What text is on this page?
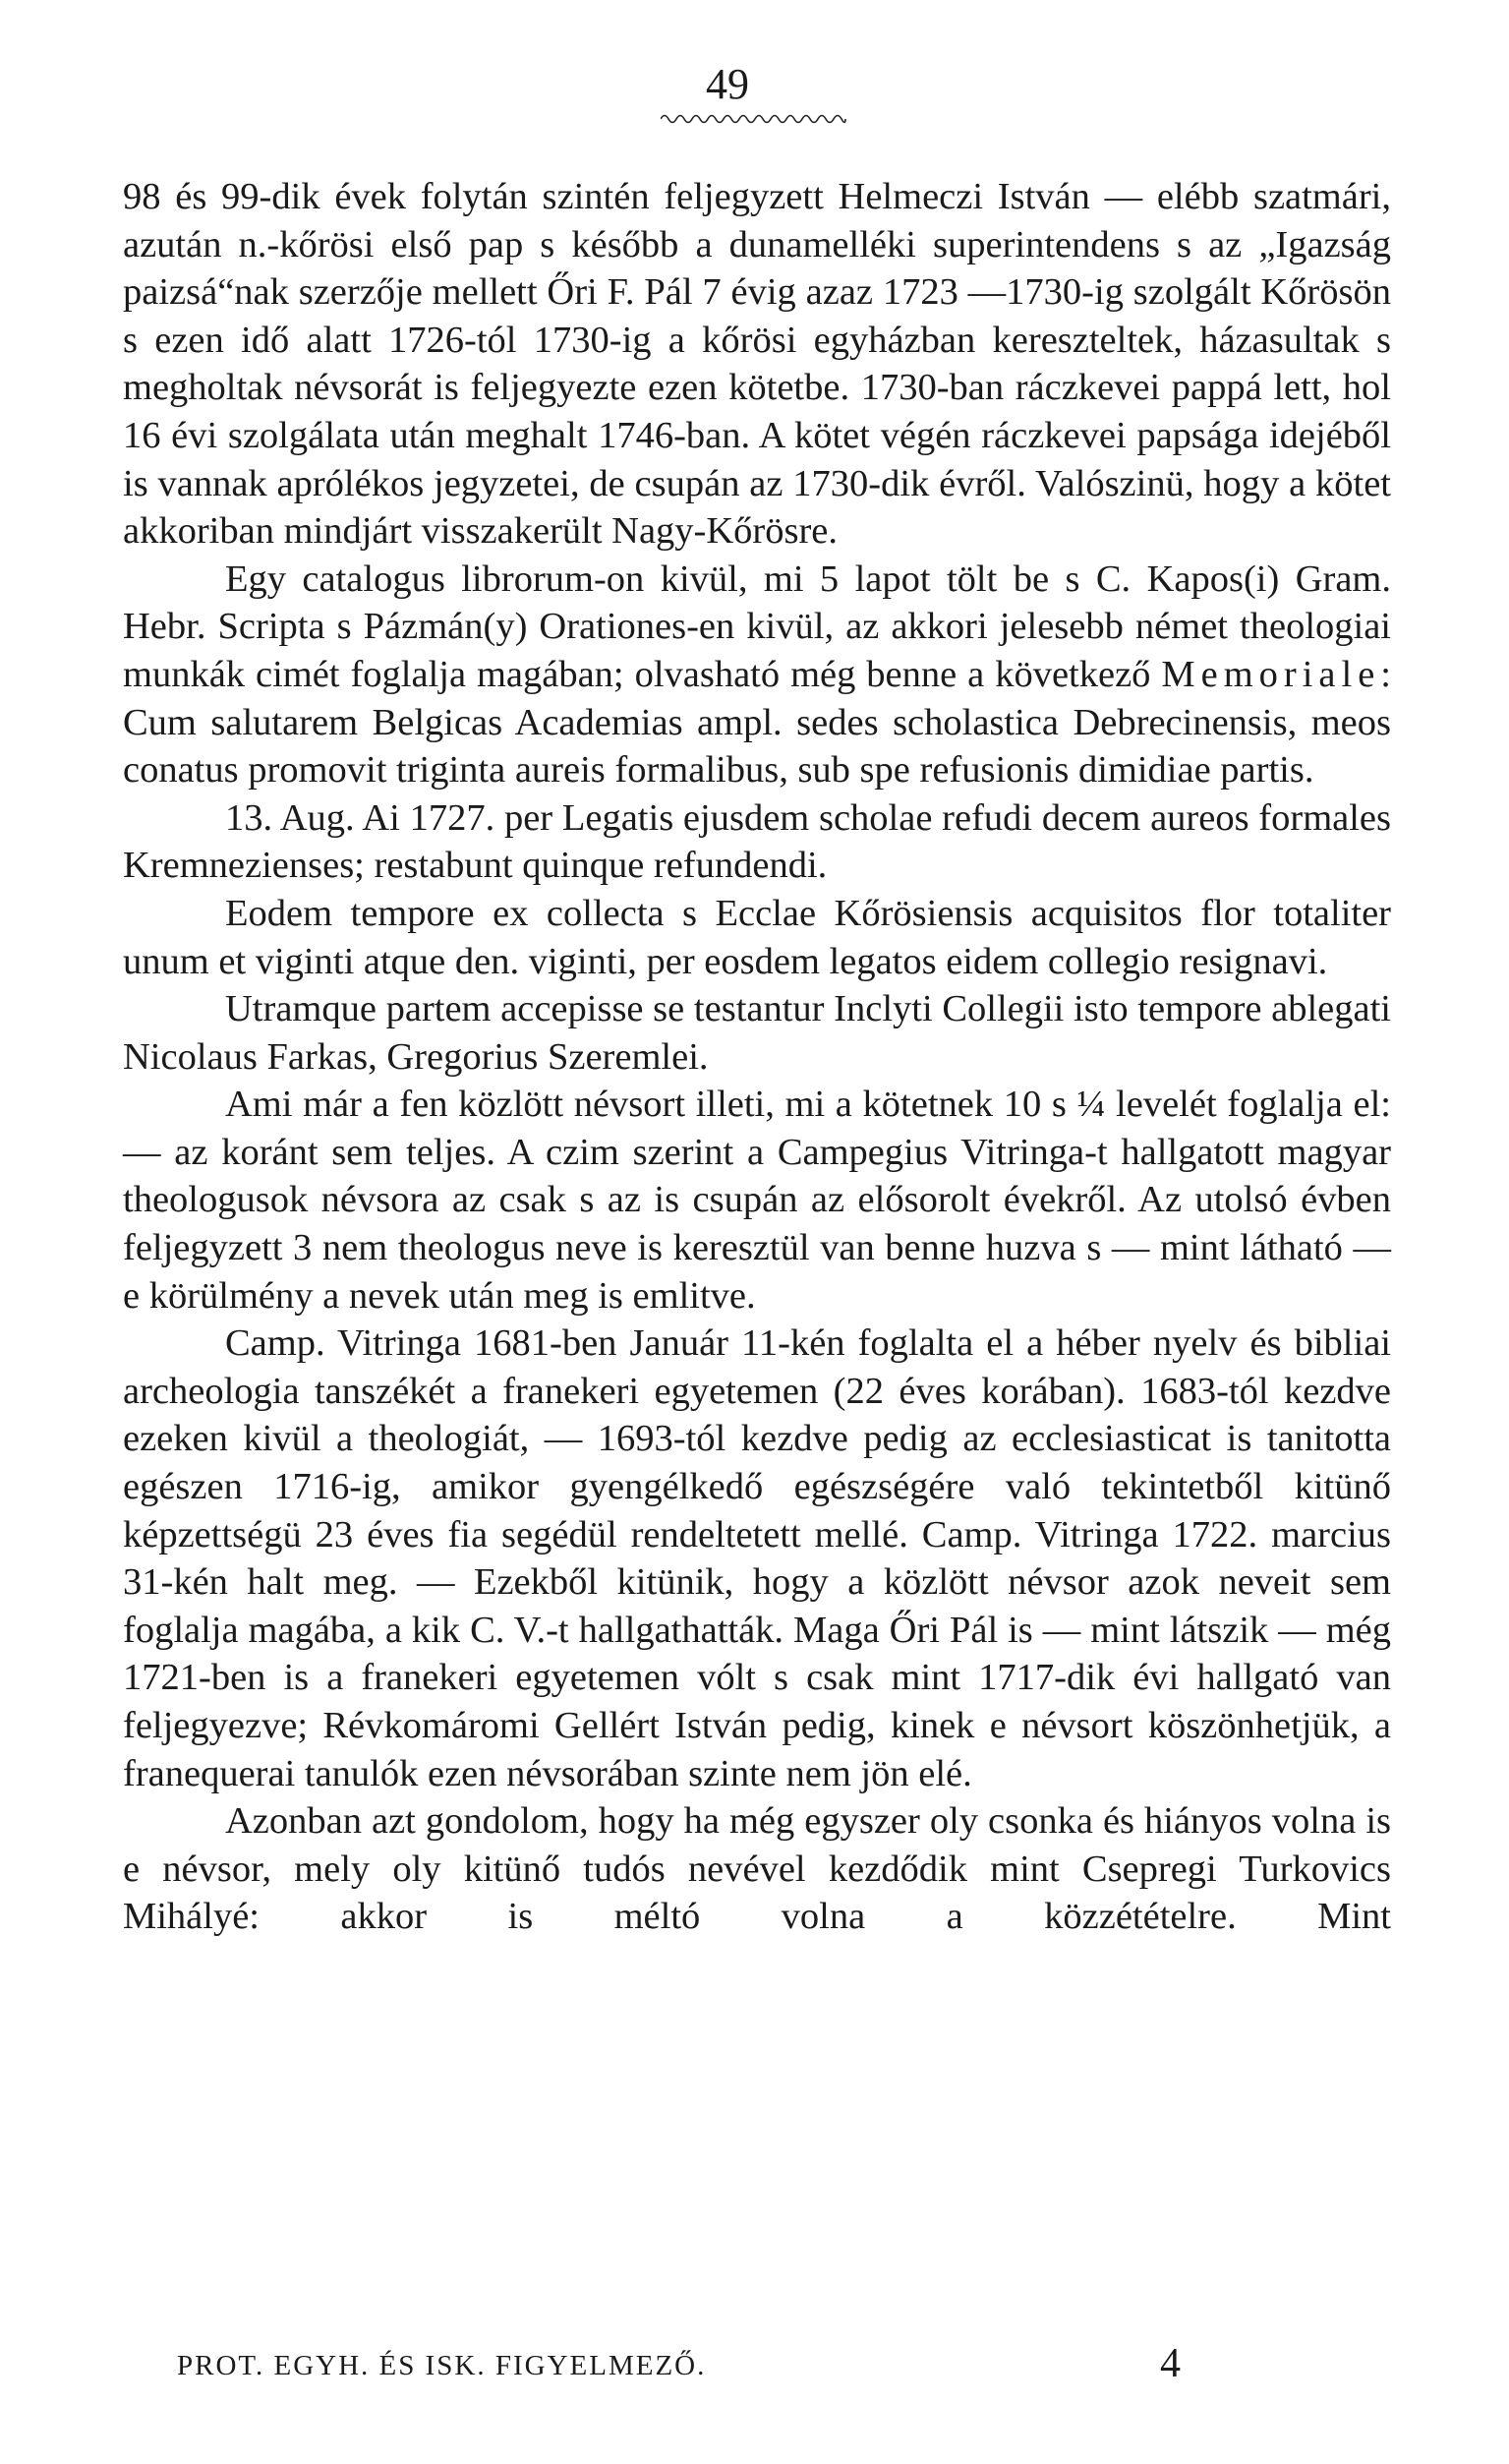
49

98 és 99-dik évek folytán szintén feljegyzett Helmeczi István — elébb szatmári, azután n.-kőrösi első pap s később a dunamelléki superintendens s az „Igazság paizsá“nak szerzője mellett Őri F. Pál 7 évig azaz 1723 —1730-ig szolgált Kőrösön s ezen idő alatt 1726-tól 1730-ig a kőrösi egyházban kereszteltek, házasultak s megholtak névsorát is feljegyezte ezen kötetbe. 1730-ban ráczkevei pappá lett, hol 16 évi szolgálata után meghalt 1746-ban. A kötet végén ráczkevei papsága idejéből is vannak aprólékos jegyzetei, de csupán az 1730-dik évről. Valószinü, hogy a kötet akkoriban mindjárt visszakerült Nagy-Kőrösre.

Egy catalogus librorum-on kivül, mi 5 lapot tölt be s C. Kapos(i) Gram. Hebr. Scripta s Pázmán(y) Orationes-en kivül, az akkori jelesebb német theologiai munkák cimét foglalja magában; olvasható még benne a következő Memoriale: Cum salutarem Belgicas Academias ampl. sedes scholastica Debrecinensis, meos conatus promovit triginta aureis formalibus, sub spe refusionis dimidiae partis.

13. Aug. Ai 1727. per Legatis ejusdem scholae refudi decem aureos formales Kremnezienses; restabunt quinque refundendi.

Eodem tempore ex collecta s Ecclae Kőrösiensis acquisitos flor totaliter unum et viginti atque den. viginti, per eosdem legatos eidem collegio resignavi.

Utramque partem accepisse se testantur Inclyti Collegii isto tempore ablegati Nicolaus Farkas, Gregorius Szeremlei.

Ami már a fen közlött névsort illeti, mi a kötetnek 10 s ¼ levelét foglalja el: — az koránt sem teljes. A czim szerint a Campegius Vitringa-t hallgatott magyar theologusok névsora az csak s az is csupán az elősorolt évekről. Az utolsó évben feljegyzett 3 nem theologus neve is keresztül van benne huzva s — mint látható — e körülmény a nevek után meg is emlitve.

Camp. Vitringa 1681-ben Január 11-kén foglalta el a héber nyelv és bibliai archeologia tanszékét a franekeri egyetemen (22 éves korában). 1683-tól kezdve ezeken kivül a theologiát, — 1693-tól kezdve pedig az ecclesiasticat is tanitotta egészen 1716-ig, amikor gyengélkedő egészségére való tekintetből kitünő képzettségü 23 éves fia segédül rendeltetett mellé. Camp. Vitringa 1722. marcius 31-kén halt meg. — Ezekből kitünik, hogy a közlött névsor azok neveit sem foglalja magába, a kik C. V.-t hallgathatták. Maga Őri Pál is — mint látszik — még 1721-ben is a franekeri egyetemen vólt s csak mint 1717-dik évi hallgató van feljegyezve; Révkomáromi Gellért István pedig, kinek e névsort köszönhetjük, a franequerai tanulók ezen névsorában szinte nem jön elé.

Azonban azt gondolom, hogy ha még egyszer oly csonka és hiányos volna is e névsor, mely oly kitünő tudós nevével kezdődik mint Csepregi Turkovics Mihályé: akkor is méltó volna a közzétételre. Mint

PROT. EGYH. ÉS ISK. FIGYELMEZŐ.	4
